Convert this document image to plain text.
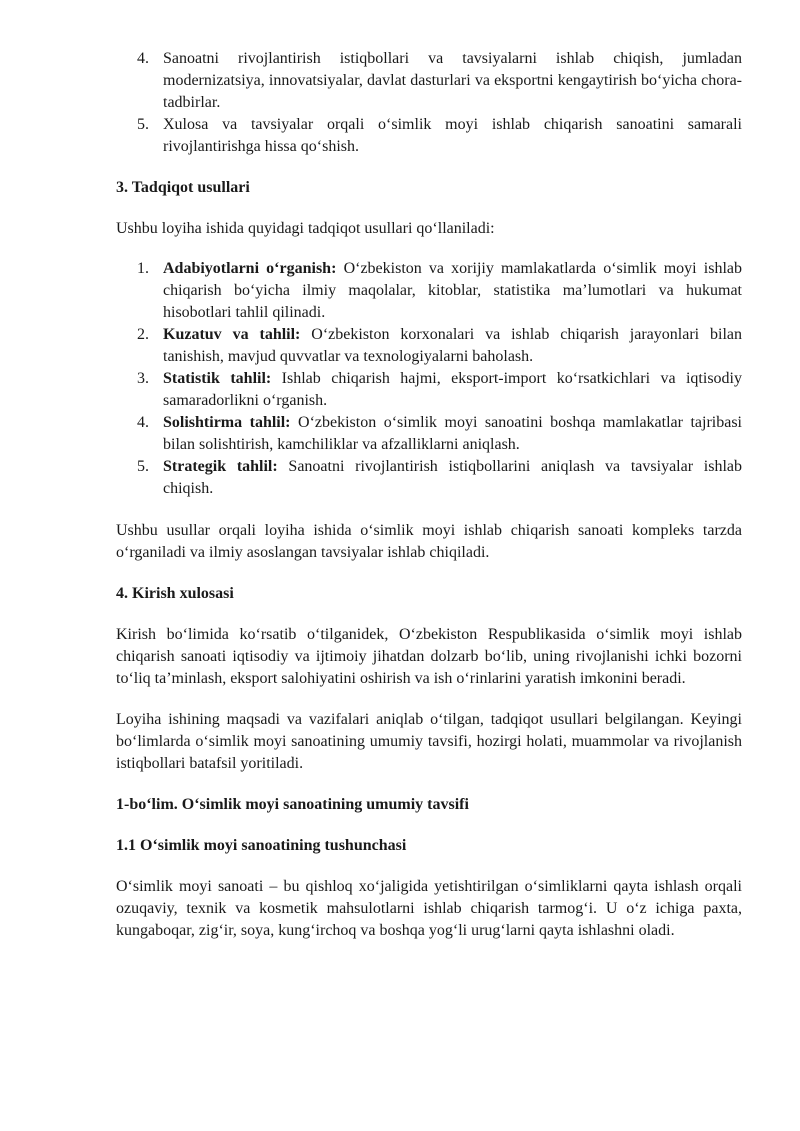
4. Sanoatni rivojlantirish istiqbollari va tavsiyalarni ishlab chiqish, jumladan modernizatsiya, innovatsiyalar, davlat dasturlari va eksportni kengaytirish bo‘yicha chora-tadbirlar.
5. Xulosa va tavsiyalar orqali o‘simlik moyi ishlab chiqarish sanoatini samarali rivojlantirishga hissa qo‘shish.
3. Tadqiqot usullari

Ushbu loyiha ishida quyidagi tadqiqot usullari qo‘llaniladi:

1. Adabiyotlarni o‘rganish: O‘zbekiston va xorijiy mamlakatlarda o‘simlik moyi ishlab chiqarish bo‘yicha ilmiy maqolalar, kitoblar, statistika ma’lumotlari va hukumat hisobotlari tahlil qilinadi.
2. Kuzatuv va tahlil: O‘zbekiston korxonalari va ishlab chiqarish jarayonlari bilan tanishish, mavjud quvvatlar va texnologiyalarni baholash.
3. Statistik tahlil: Ishlab chiqarish hajmi, eksport-import ko‘rsatkichlari va iqtisodiy samaradorlikni o‘rganish.
4. Solishtirma tahlil: O‘zbekiston o‘simlik moyi sanoatini boshqa mamlakatlar tajribasi bilan solishtirish, kamchiliklar va afzalliklarni aniqlash.
5. Strategik tahlil: Sanoatni rivojlantirish istiqbollarini aniqlash va tavsiyalar ishlab chiqish.

Ushbu usullar orqali loyiha ishida o‘simlik moyi ishlab chiqarish sanoati kompleks tarzda o‘rganiladi va ilmiy asoslangan tavsiyalar ishlab chiqiladi.

4. Kirish xulosasi

Kirish bo‘limida ko‘rsatib o‘tilganidek, O‘zbekiston Respublikasida o‘simlik moyi ishlab chiqarish sanoati iqtisodiy va ijtimoiy jihatdan dolzarb bo‘lib, uning rivojlanishi ichki bozorni to‘liq ta’minlash, eksport salohiyatini oshirish va ish o‘rinlarini yaratish imkonini beradi.

Loyiha ishining maqsadi va vazifalari aniqlab o‘tilgan, tadqiqot usullari belgilangan. Keyingi bo‘limlarda o‘simlik moyi sanoatining umumiy tavsifi, hozirgi holati, muammolar va rivojlanish istiqbollari batafsil yoritiladi.

1-bo‘lim. O‘simlik moyi sanoatining umumiy tavsifi
1.1 O‘simlik moyi sanoatining tushunchasi

O‘simlik moyi sanoati – bu qishloq xo‘jaligida yetishtirilgan o‘simliklarni qayta ishlash orqali ozuqaviy, texnik va kosmetik mahsulotlarni ishlab chiqarish tarmog‘i. U o‘z ichiga paxta, kungaboqar, zig‘ir, soya, kung‘irchoq va boshqa yog‘li urug‘larni qayta ishlashni oladi.
